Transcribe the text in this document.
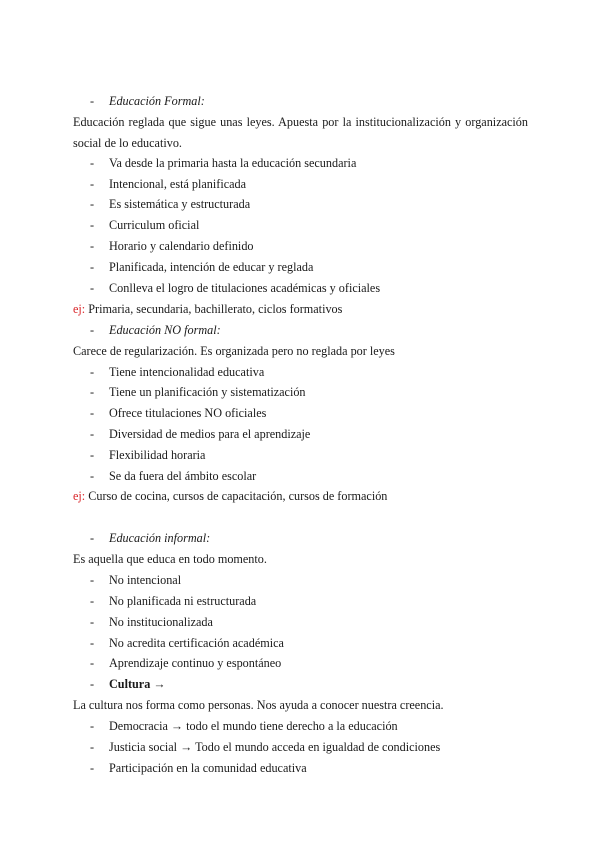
- Educación Formal:
Educación reglada que sigue unas leyes. Apuesta por la institucionalización y organización social de lo educativo.
- Va desde la primaria hasta la educación secundaria
- Intencional, está planificada
- Es sistemática y estructurada
- Curriculum oficial
- Horario y calendario definido
- Planificada, intención de educar y reglada
- Conlleva el logro de titulaciones académicas y oficiales
ej: Primaria, secundaria, bachillerato, ciclos formativos
- Educación NO formal:
Carece de regularización. Es organizada pero no reglada por leyes
- Tiene intencionalidad educativa
- Tiene un planificación y sistematización
- Ofrece titulaciones NO oficiales
- Diversidad de medios para el aprendizaje
- Flexibilidad horaria
- Se da fuera del ámbito escolar
ej: Curso de cocina, cursos de capacitación, cursos de formación
- Educación informal:
Es aquella que educa en todo momento.
- No intencional
- No planificada ni estructurada
- No institucionalizada
- No acredita certificación académica
- Aprendizaje continuo y espontáneo
- Cultura →
La cultura nos forma como personas. Nos ayuda a conocer nuestra creencia.
- Democracia → todo el mundo tiene derecho a la educación
- Justicia social → Todo el mundo acceda en igualdad de condiciones
- Participación en la comunidad educativa
